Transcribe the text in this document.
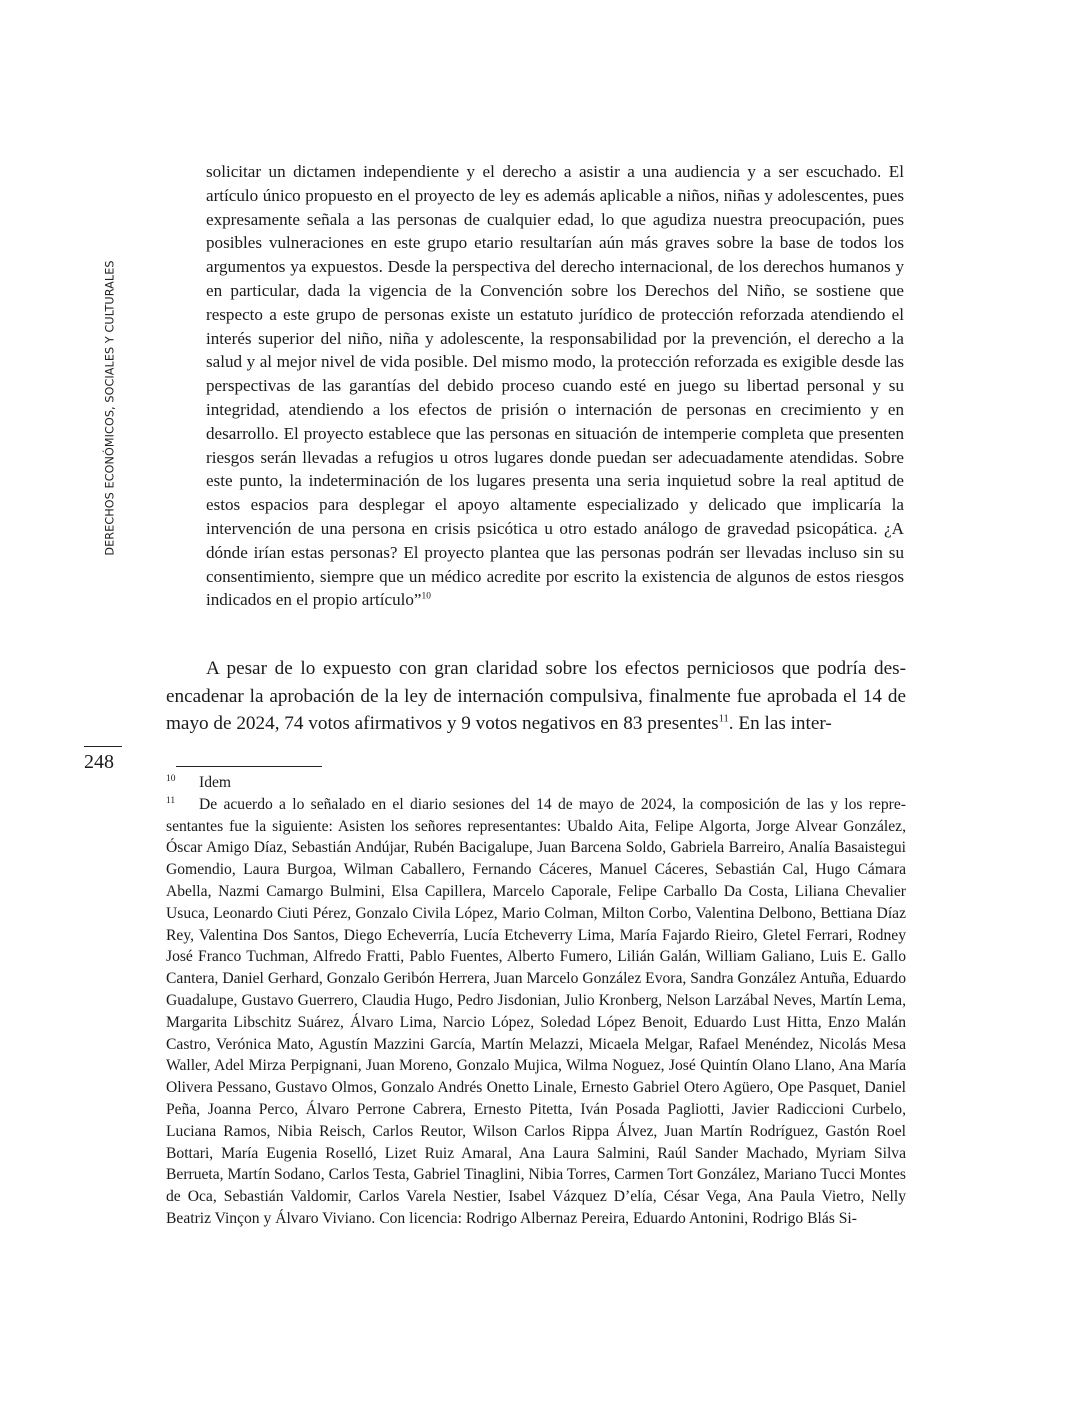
DERECHOS ECONÓMICOS, SOCIALES Y CULTURALES
248
solicitar un dictamen independiente y el derecho a asistir a una audiencia y a ser escuchado. El artículo único propuesto en el proyecto de ley es además aplicable a niños, niñas y adolescentes, pues expresamente señala a las personas de cualquier edad, lo que agudiza nuestra preocupación, pues posibles vulneraciones en este grupo etario resultarían aún más graves sobre la base de todos los argumentos ya expuestos. Desde la perspectiva del derecho internacional, de los derechos humanos y en particular, dada la vigencia de la Convención sobre los Derechos del Niño, se sostiene que respecto a este grupo de personas existe un estatuto jurídico de protección reforzada atendiendo el interés superior del niño, niña y adolescente, la responsabilidad por la prevención, el derecho a la salud y al mejor nivel de vida posible. Del mismo modo, la protección reforzada es exigible desde las perspectivas de las garantías del debido proceso cuando esté en juego su libertad personal y su integridad, atendiendo a los efectos de prisión o internación de personas en crecimiento y en desarrollo. El proyecto establece que las personas en situación de intemperie completa que presenten riesgos serán llevadas a refugios u otros lugares donde puedan ser adecuadamente atendidas. Sobre este punto, la indeterminación de los lugares presenta una seria inquietud sobre la real aptitud de estos espacios para desplegar el apoyo altamente especializado y delicado que implicaría la intervención de una persona en crisis psicótica u otro estado análogo de gravedad psicopática. ¿A dónde irían estas personas? El proyecto plantea que las personas podrán ser llevadas incluso sin su consentimiento, siempre que un médico acredite por escrito la existencia de algunos de estos riesgos indicados en el propio artículo”$^{10}$
A pesar de lo expuesto con gran claridad sobre los efectos perniciosos que podría desencadenar la aprobación de la ley de internación compulsiva, finalmente fue aprobada el 14 de mayo de 2024, 74 votos afirmativos y 9 votos negativos en 83 presentes$^{11}$. En las inter-
10 Idem
11 De acuerdo a lo señalado en el diario sesiones del 14 de mayo de 2024, la composición de las y los representantes fue la siguiente: Asisten los señores representantes: Ubaldo Aita, Felipe Algorta, Jorge Alvear González, Óscar Amigo Díaz, Sebastián Andújar, Rubén Bacigalupe, Juan Barcena Soldo, Gabriela Barreiro, Analía Basaistegui Gomendio, Laura Burgoa, Wilman Caballero, Fernando Cáceres, Manuel Cáceres, Sebastián Cal, Hugo Cámara Abella, Nazmi Camargo Bulmini, Elsa Capillera, Marcelo Caporale, Felipe Carballo Da Costa, Liliana Chevalier Usuca, Leonardo Ciuti Pérez, Gonzalo Civila López, Mario Colman, Milton Corbo, Valentina Delbono, Bettiana Díaz Rey, Valentina Dos Santos, Diego Echeverría, Lucía Etcheverry Lima, María Fajardo Rieiro, Gletel Ferrari, Rodney José Franco Tuchman, Alfredo Fratti, Pablo Fuentes, Alberto Fumero, Lilián Galán, William Galiano, Luis E. Gallo Cantera, Daniel Gerhard, Gonzalo Geribón Herrera, Juan Marcelo González Evora, Sandra González Antuña, Eduardo Guadalupe, Gustavo Guerrero, Claudia Hugo, Pedro Jisdonian, Julio Kronberg, Nelson Larzábal Neves, Martín Lema, Margarita Libschitz Suárez, Álvaro Lima, Narcio López, Soledad López Benoit, Eduardo Lust Hitta, Enzo Malán Castro, Verónica Mato, Agustín Mazzini García, Martín Melazzi, Micaela Melgar, Rafael Menéndez, Nicolás Mesa Waller, Adel Mirza Perpignani, Juan Moreno, Gonzalo Mujica, Wilma Noguez, José Quintín Olano Llano, Ana María Olivera Pessano, Gustavo Olmos, Gonzalo Andrés Onetto Linale, Ernesto Gabriel Otero Agüero, Ope Pasquet, Daniel Peña, Joanna Perco, Álvaro Perrone Cabrera, Ernesto Pitetta, Iván Posada Pagliotti, Javier Radiccioni Curbelo, Luciana Ramos, Nibia Reisch, Carlos Reutor, Wilson Carlos Rippa Álvez, Juan Martín Rodríguez, Gastón Roel Bottari, María Eugenia Roselló, Lizet Ruiz Amaral, Ana Laura Salmini, Raúl Sander Machado, Myriam Silva Berrueta, Martín Sodano, Carlos Testa, Gabriel Tinaglini, Nibia Torres, Carmen Tort González, Mariano Tucci Montes de Oca, Sebastián Valdomir, Carlos Varela Nestier, Isabel Vázquez D’elía, César Vega, Ana Paula Vietro, Nelly Beatriz Vinçon y Álvaro Viviano. Con licencia: Rodrigo Albernaz Pereira, Eduardo Antonini, Rodrigo Blás Si-
